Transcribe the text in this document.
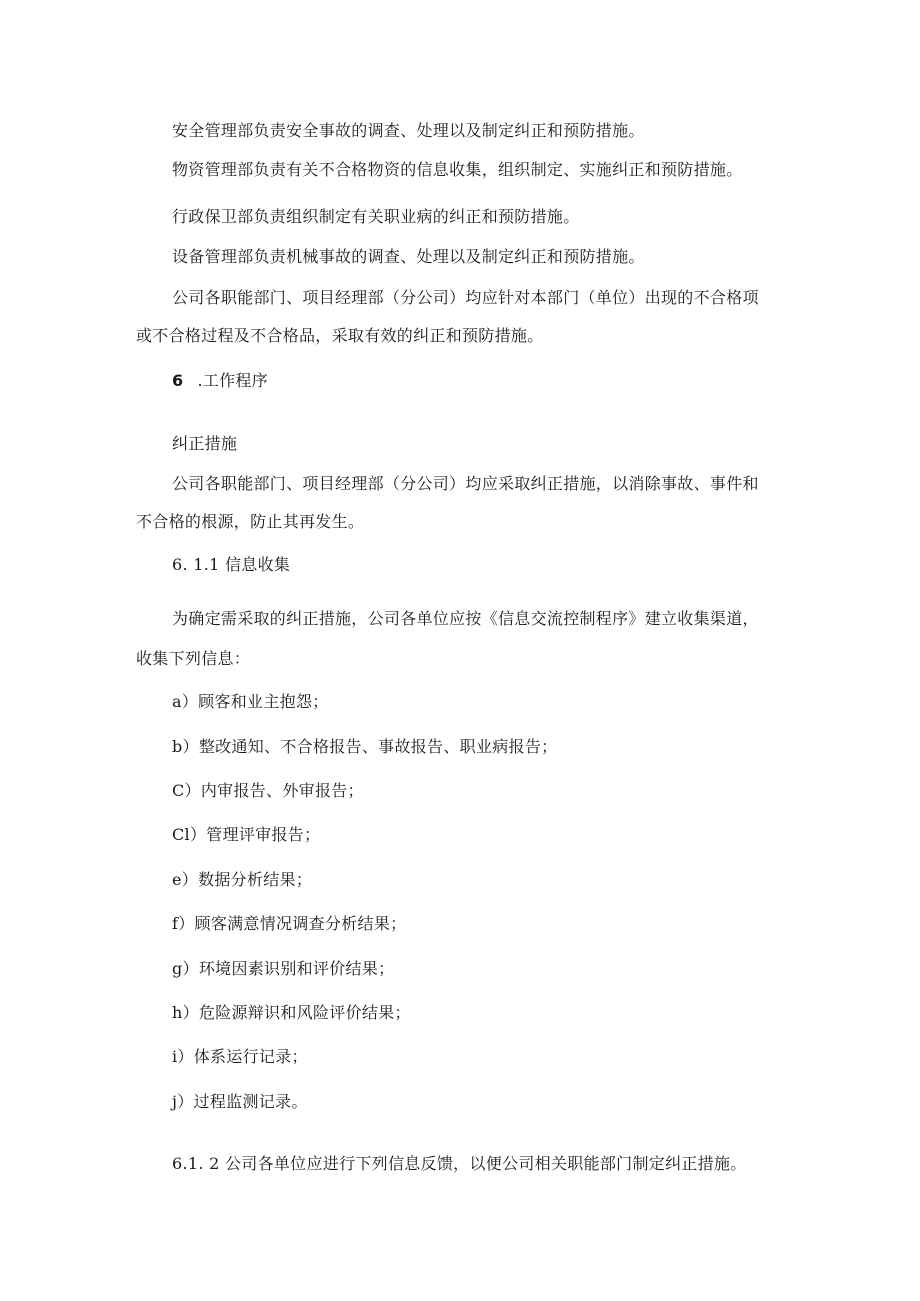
安全管理部负责安全事故的调查、处理以及制定纠正和预防措施。
物资管理部负责有关不合格物资的信息收集，组织制定、实施纠正和预防措施。
行政保卫部负责组织制定有关职业病的纠正和预防措施。
设备管理部负责机械事故的调查、处理以及制定纠正和预防措施。
公司各职能部门、项目经理部（分公司）均应针对本部门（单位）出现的不合格项
或不合格过程及不合格品，采取有效的纠正和预防措施。
6 .工作程序
纠正措施
公司各职能部门、项目经理部（分公司）均应采取纠正措施，以消除事故、事件和
不合格的根源，防止其再发生。
6. 1.1 信息收集
为确定需采取的纠正措施，公司各单位应按《信息交流控制程序》建立收集渠道，
收集下列信息：
a）顾客和业主抱怨；
b）整改通知、不合格报告、事故报告、职业病报告；
C）内审报告、外审报告；
Cl）管理评审报告；
e）数据分析结果；
f）顾客满意情况调查分析结果；
g）环境因素识别和评价结果；
h）危险源辩识和风险评价结果；
i）体系运行记录；
j）过程监测记录。
6.1. 2 公司各单位应进行下列信息反馈，以便公司相关职能部门制定纠正措施。
